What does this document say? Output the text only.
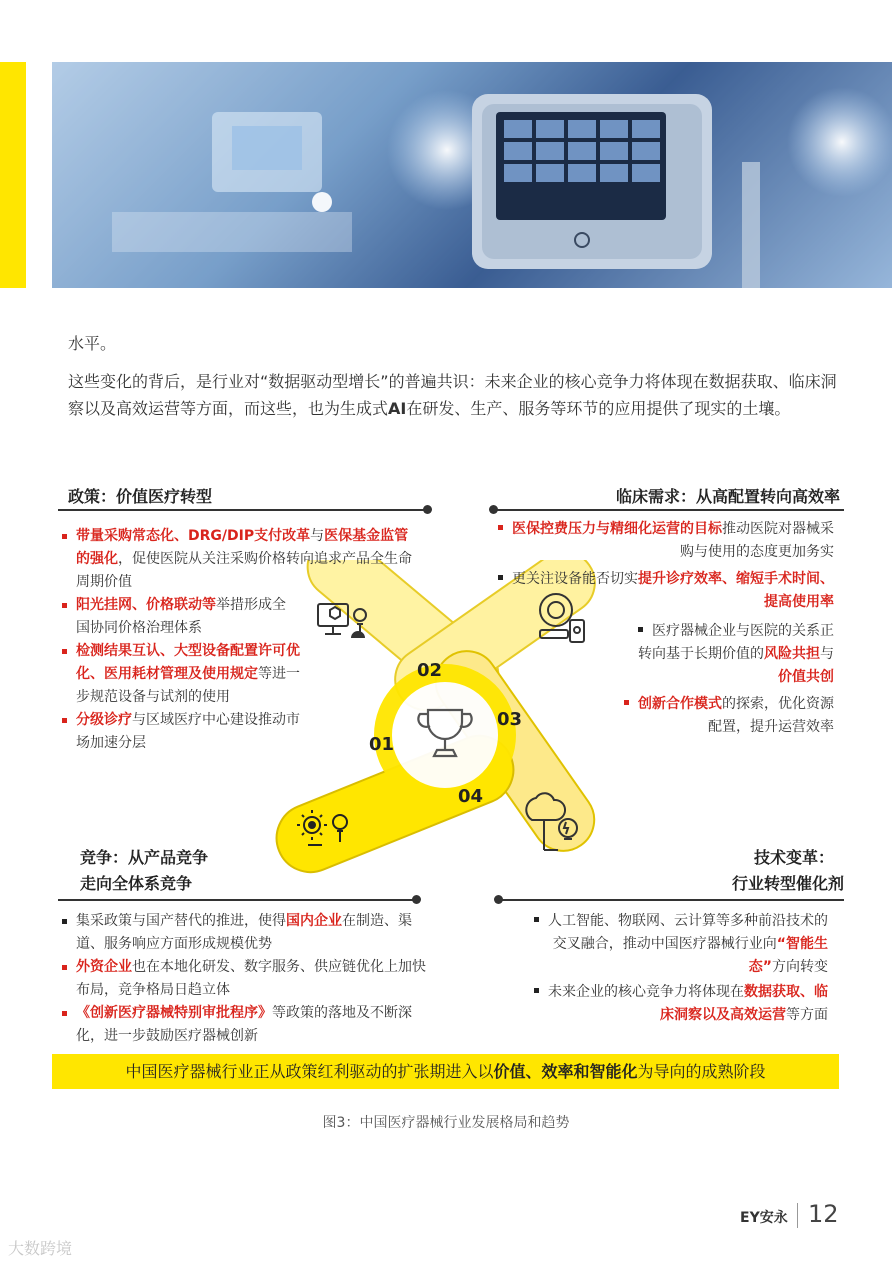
水平。

这些变化的背后，是行业对“数据驱动型增长”的普遍共识：未来企业的核心竞争力将体现在数据获取、临床洞察以及高效运营等方面，而这些，也为生成式AI在研发、生产、服务等环节的应用提供了现实的土壤。

02
03
01
04
政策：价值医疗转型
带量采购常态化、DRG/DIP支付改革与医保基金监管的强化，促使医院从关注采购价格转向追求产品全生命周期价值
阳光挂网、价格联动等举措形成全国协同价格治理体系
检测结果互认、大型设备配置许可优化、医用耗材管理及使用规定等进一步规范设备与试剂的使用
分级诊疗与区域医疗中心建设推动市场加速分层
临床需求：从高配置转向高效率
医保控费压力与精细化运营的目标推动医院对器械采购与使用的态度更加务实
更关注设备能否切实提升诊疗效率、缩短手术时间、提高使用率
医疗器械企业与医院的关系正转向基于长期价值的风险共担与价值共创
创新合作模式的探索，优化资源配置，提升运营效率
竞争：从产品竞争
走向全体系竞争
集采政策与国产替代的推进，使得国内企业在制造、渠道、服务响应方面形成规模优势
外资企业也在本地化研发、数字服务、供应链优化上加快布局，竞争格局日趋立体
《创新医疗器械特别审批程序》等政策的落地及不断深化，进一步鼓励医疗器械创新
技术变革：
行业转型催化剂
人工智能、物联网、云计算等多种前沿技术的交叉融合，推动中国医疗器械行业向“智能生态”方向转变
未来企业的核心竞争力将体现在数据获取、临床洞察以及高效运营等方面
中国医疗器械行业正从政策红利驱动的扩张期进入以价值、效率和智能化为导向的成熟阶段
图3：中国医疗器械行业发展格局和趋势
EY安永 12
大数跨境
